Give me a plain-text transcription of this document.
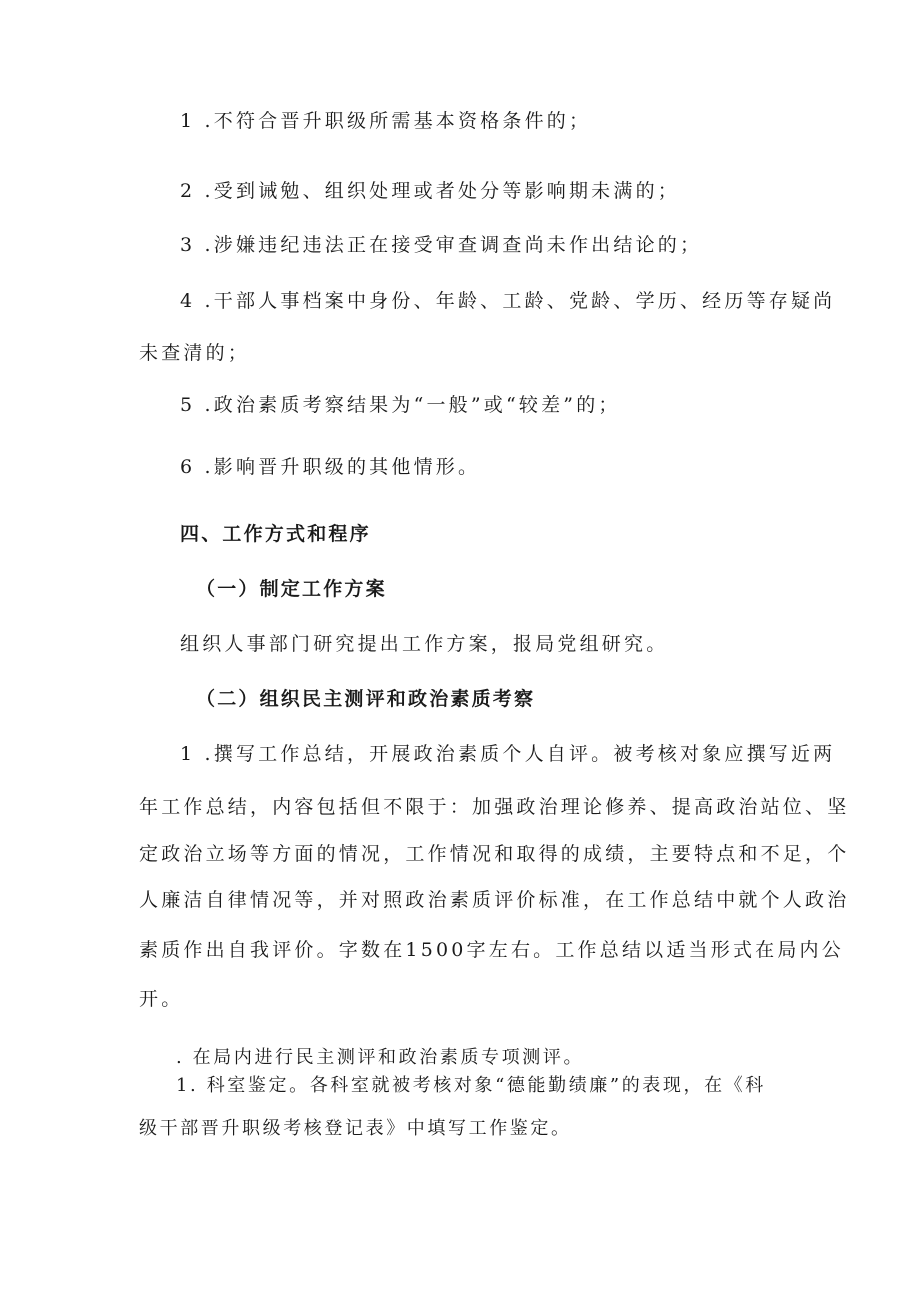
1 .不符合晋升职级所需基本资格条件的；
2 .受到诫勉、组织处理或者处分等影响期未满的；
3 .涉嫌违纪违法正在接受审查调查尚未作出结论的；
4 .干部人事档案中身份、年龄、工龄、党龄、学历、经历等存疑尚
未查清的；
5 .政治素质考察结果为“一般”或“较差”的；
6 .影响晋升职级的其他情形。
四、工作方式和程序
（一）制定工作方案
组织人事部门研究提出工作方案，报局党组研究。
（二）组织民主测评和政治素质考察
1 .撰写工作总结，开展政治素质个人自评。被考核对象应撰写近两
年工作总结，内容包括但不限于：加强政治理论修养、提高政治站位、坚
定政治立场等方面的情况，工作情况和取得的成绩，主要特点和不足，个
人廉洁自律情况等，并对照政治素质评价标准，在工作总结中就个人政治
素质作出自我评价。字数在1500字左右。工作总结以适当形式在局内公
开。
. 在局内进行民主测评和政治素质专项测评。
1. 科室鉴定。各科室就被考核对象“德能勤绩廉”的表现，在《科
级干部晋升职级考核登记表》中填写工作鉴定。
